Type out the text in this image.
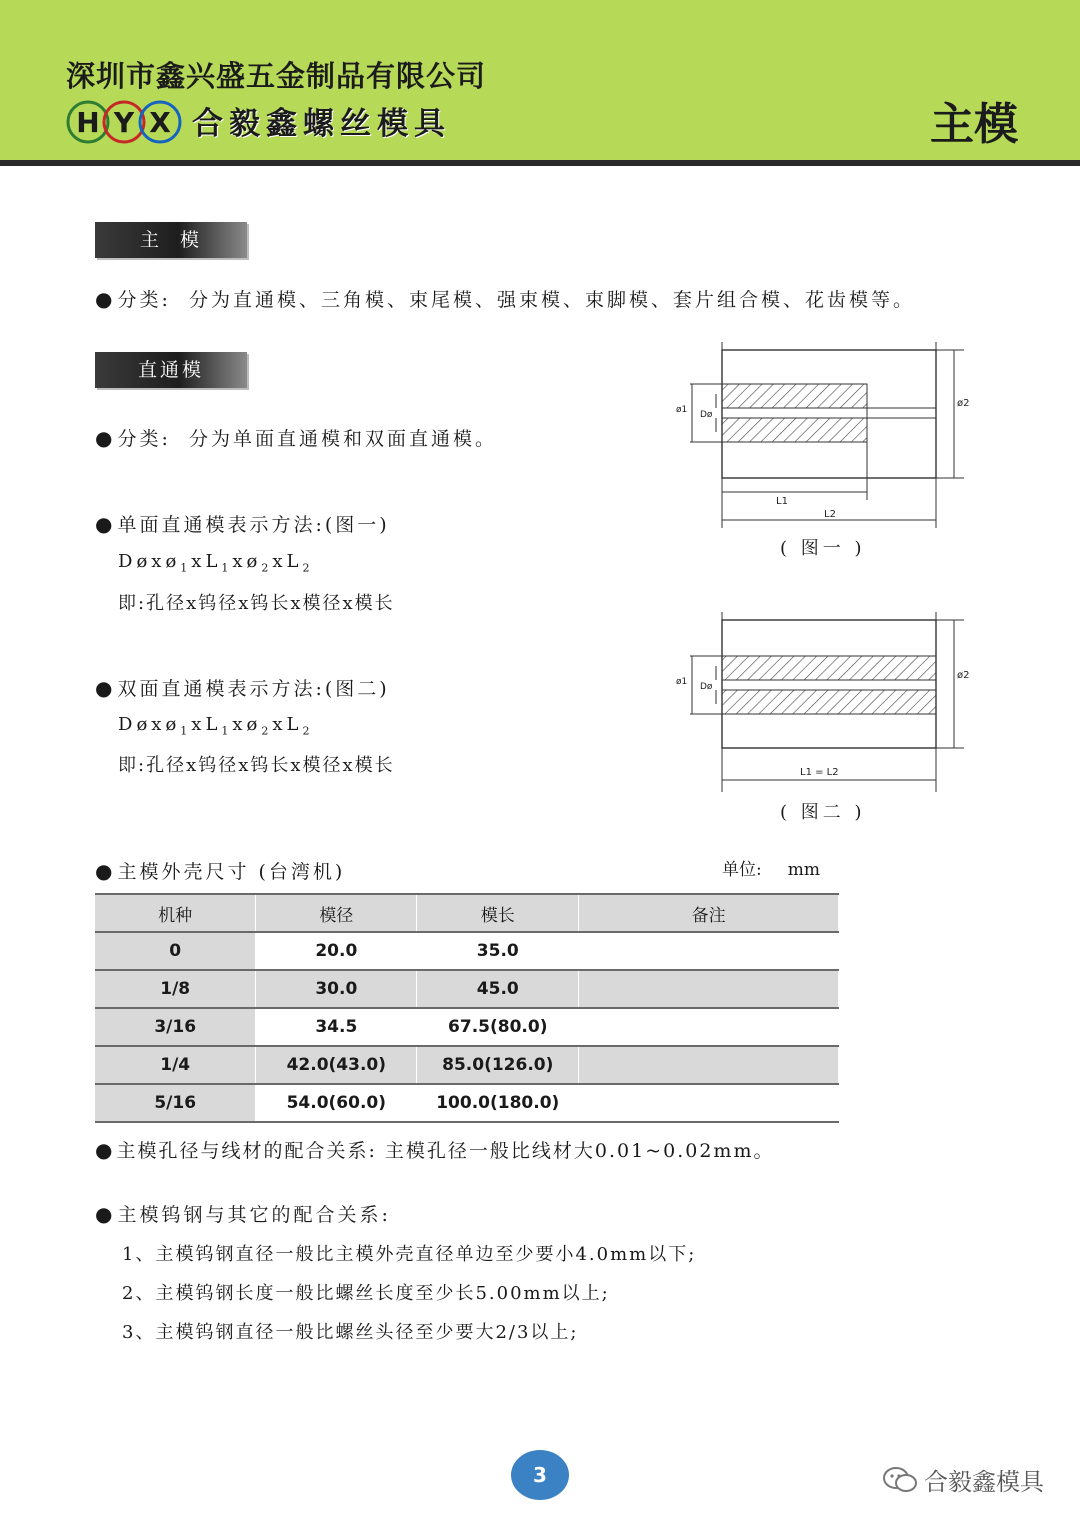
深圳市鑫兴盛五金制品有限公司
H Y X 合毅鑫螺丝模具	主模
主  模
● 分类: 分为直通模、三角模、束尾模、强束模、束脚模、套片组合模、花齿模等。
直通模
● 分类: 分为单面直通模和双面直通模。
● 单面直通模表示方法:(图一)
$Døxø_1xL_1xø_2xL_2$
即:孔径x钨径x钨长x模径x模长
● 双面直通模表示方法:(图二)
$Døxø_1xL_1xø_2xL_2$
即:孔径x钨径x钨长x模径x模长
ø2
ø1 Dø
L1
L2
( 图一 )
ø2
ø1 Dø
L1 = L2
( 图二 )
● 主模外壳尺寸 (台湾机)	单位: mm
机种	模径	模长	备注
0	20.0	35.0	
1/8	30.0	45.0	
3/16	34.5	67.5(80.0)	
1/4	42.0(43.0)	85.0(126.0)	
5/16	54.0(60.0)	100.0(180.0)	
● 主模孔径与线材的配合关系: 主模孔径一般比线材大0.01~0.02mm。
● 主模钨钢与其它的配合关系:
1、主模钨钢直径一般比主模外壳直径单边至少要小4.0mm以下;
2、主模钨钢长度一般比螺丝长度至少长5.00mm以上;
3、主模钨钢直径一般比螺丝头径至少要大2/3以上;
3	合毅鑫模具
